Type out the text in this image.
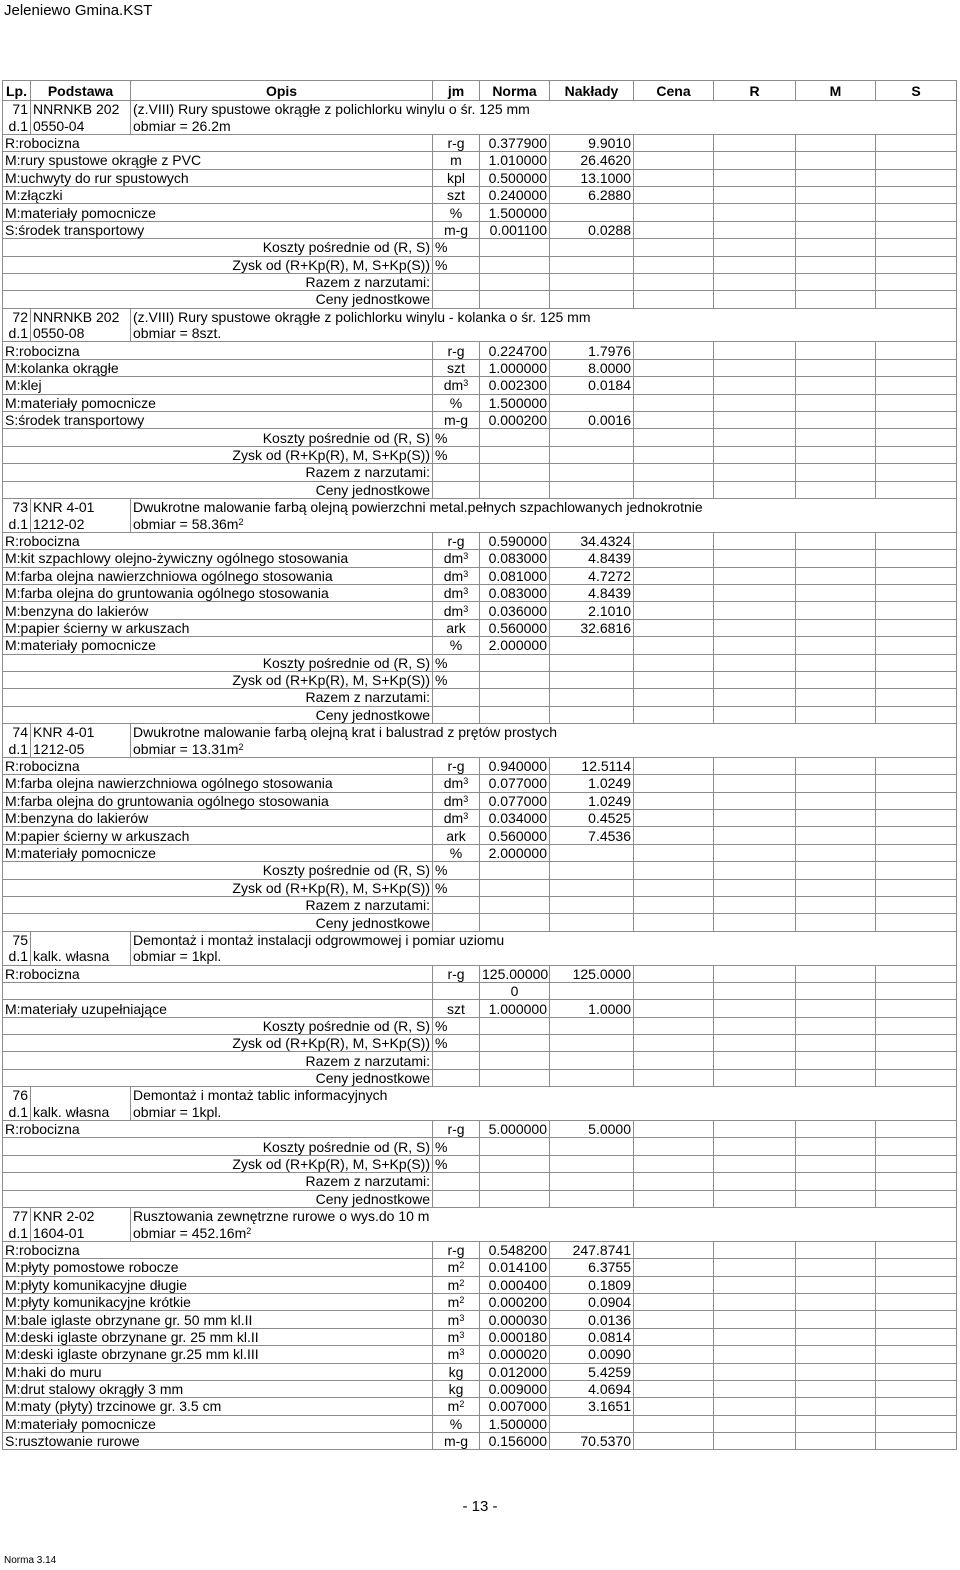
Jeleniewo Gmina.KST
Lp.	Podstawa	Opis	jm	Norma	Nakłady	Cena	R	M	S
71	NNRNKB 202	(z.VIII) Rury spustowe okrągłe z polichlorku winylu o śr. 125 mm							
d.1	0550-04	obmiar = 26.2m							
R:robocizna			r-g	0.377900	9.9010				
M:rury spustowe okrągłe z PVC			m	1.010000	26.4620				
M:uchwyty do rur spustowych			kpl	0.500000	13.1000				
M:złączki			szt	0.240000	6.2880				
M:materiały pomocnicze			%	1.500000					
S:środek transportowy			m-g	0.001100	0.0288				
Koszty pośrednie od (R, S)			%						
Zysk od (R+Kp(R), M, S+Kp(S))			%						
Razem z narzutami:									
Ceny jednostkowe									
72	NNRNKB 202	(z.VIII) Rury spustowe okrągłe z polichlorku winylu - kolanka o śr. 125 mm							
d.1	0550-08	obmiar = 8szt.							
R:robocizna			r-g	0.224700	1.7976				
M:kolanka okrągłe			szt	1.000000	8.0000				
M:klej			$dm^3$	0.002300	0.0184				
M:materiały pomocnicze			%	1.500000					
S:środek transportowy			m-g	0.000200	0.0016				
Koszty pośrednie od (R, S)			%						
Zysk od (R+Kp(R), M, S+Kp(S))			%						
Razem z narzutami:									
Ceny jednostkowe									
73	KNR 4-01	Dwukrotne malowanie farbą olejną powierzchni metal.pełnych szpachlowanych jednokrotnie							
d.1	1212-02	obmiar = $58.36m^2$
R:robocizna			r-g	0.590000	34.4324				
M:kit szpachlowy olejno-żywiczny ogólnego stosowania			$dm^3$	0.083000	4.8439				
M:farba olejna nawierzchniowa ogólnego stosowania			$dm^3$	0.081000	4.7272				
M:farba olejna do gruntowania ogólnego stosowania			$dm^3$	0.083000	4.8439				
M:benzyna do lakierów			$dm^3$	0.036000	2.1010				
M:papier ścierny w arkuszach			ark	0.560000	32.6816				
M:materiały pomocnicze			%	2.000000					
Koszty pośrednie od (R, S)			%						
Zysk od (R+Kp(R), M, S+Kp(S))			%						
Razem z narzutami:									
Ceny jednostkowe									
74	KNR 4-01	Dwukrotne malowanie farbą olejną krat i balustrad z prętów prostych							
d.1	1212-05	obmiar = $13.31m^2$
R:robocizna			r-g	0.940000	12.5114				
M:farba olejna nawierzchniowa ogólnego stosowania			$dm^3$	0.077000	1.0249				
M:farba olejna do gruntowania ogólnego stosowania			$dm^3$	0.077000	1.0249				
M:benzyna do lakierów			$dm^3$	0.034000	0.4525				
M:papier ścierny w arkuszach			ark	0.560000	7.4536				
M:materiały pomocnicze			%	2.000000					
Koszty pośrednie od (R, S)			%						
Zysk od (R+Kp(R), M, S+Kp(S))			%						
Razem z narzutami:									
Ceny jednostkowe									
75		Demontaż i montaż instalacji odgrowmowej i pomiar uziomu							
d.1	kalk. własna	obmiar = 1kpl.							
R:robocizna			r-g	125.00000	125.0000				
				0					
M:materiały uzupełniające			szt	1.000000	1.0000				
Koszty pośrednie od (R, S)			%						
Zysk od (R+Kp(R), M, S+Kp(S))			%						
Razem z narzutami:									
Ceny jednostkowe									
76		Demontaż i montaż tablic informacyjnych							
d.1	kalk. własna	obmiar = 1kpl.							
R:robocizna			r-g	5.000000	5.0000				
Koszty pośrednie od (R, S)			%						
Zysk od (R+Kp(R), M, S+Kp(S))			%						
Razem z narzutami:									
Ceny jednostkowe									
77	KNR 2-02	Rusztowania zewnętrzne rurowe o wys.do 10 m							
d.1	1604-01	obmiar = $452.16m^2$
R:robocizna			r-g	0.548200	247.8741				
M:płyty pomostowe robocze			$m^2$	0.014100	6.3755				
M:płyty komunikacyjne długie			$m^2$	0.000400	0.1809				
M:płyty komunikacyjne krótkie			$m^2$	0.000200	0.0904				
M:bale iglaste obrzynane gr. 50 mm kl.II			$m^3$	0.000030	0.0136				
M:deski iglaste obrzynane gr. 25 mm kl.II			$m^3$	0.000180	0.0814				
M:deski iglaste obrzynane gr.25 mm kl.III			$m^3$	0.000020	0.0090				
M:haki do muru			kg	0.012000	5.4259				
M:drut stalowy okrągły 3 mm			kg	0.009000	4.0694				
M:maty (płyty) trzcinowe gr. 3.5 cm			$m^2$	0.007000	3.1651				
M:materiały pomocnicze			%	1.500000					
S:rusztowanie rurowe			m-g	0.156000	70.5370				
- 13 -
Norma 3.14
